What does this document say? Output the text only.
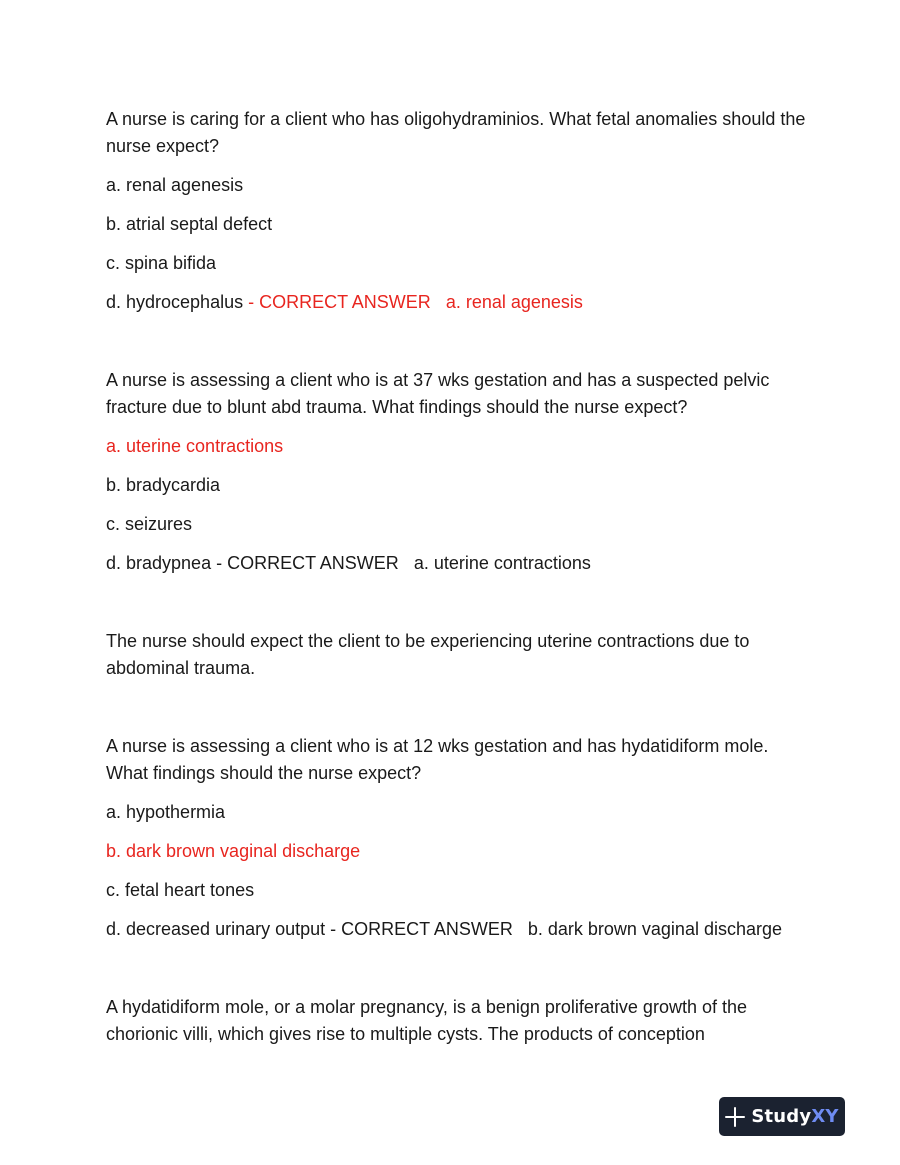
A nurse is caring for a client who has oligohydraminios. What fetal anomalies should the nurse expect?

a. renal agenesis
b. atrial septal defect
c. spina bifida
d. hydrocephalus - CORRECT ANSWER a. renal agenesis

A nurse is assessing a client who is at 37 wks gestation and has a suspected pelvic fracture due to blunt abd trauma. What findings should the nurse expect?

a. uterine contractions
b. bradycardia
c. seizures
d. bradypnea - CORRECT ANSWER a. uterine contractions

The nurse should expect the client to be experiencing uterine contractions due to abdominal trauma.

A nurse is assessing a client who is at 12 wks gestation and has hydatidiform mole. What findings should the nurse expect?

a. hypothermia
b. dark brown vaginal discharge
c. fetal heart tones
d. decreased urinary output - CORRECT ANSWER b. dark brown vaginal discharge

A hydatidiform mole, or a molar pregnancy, is a benign proliferative growth of the chorionic villi, which gives rise to multiple cysts. The products of conception

StudyXY
